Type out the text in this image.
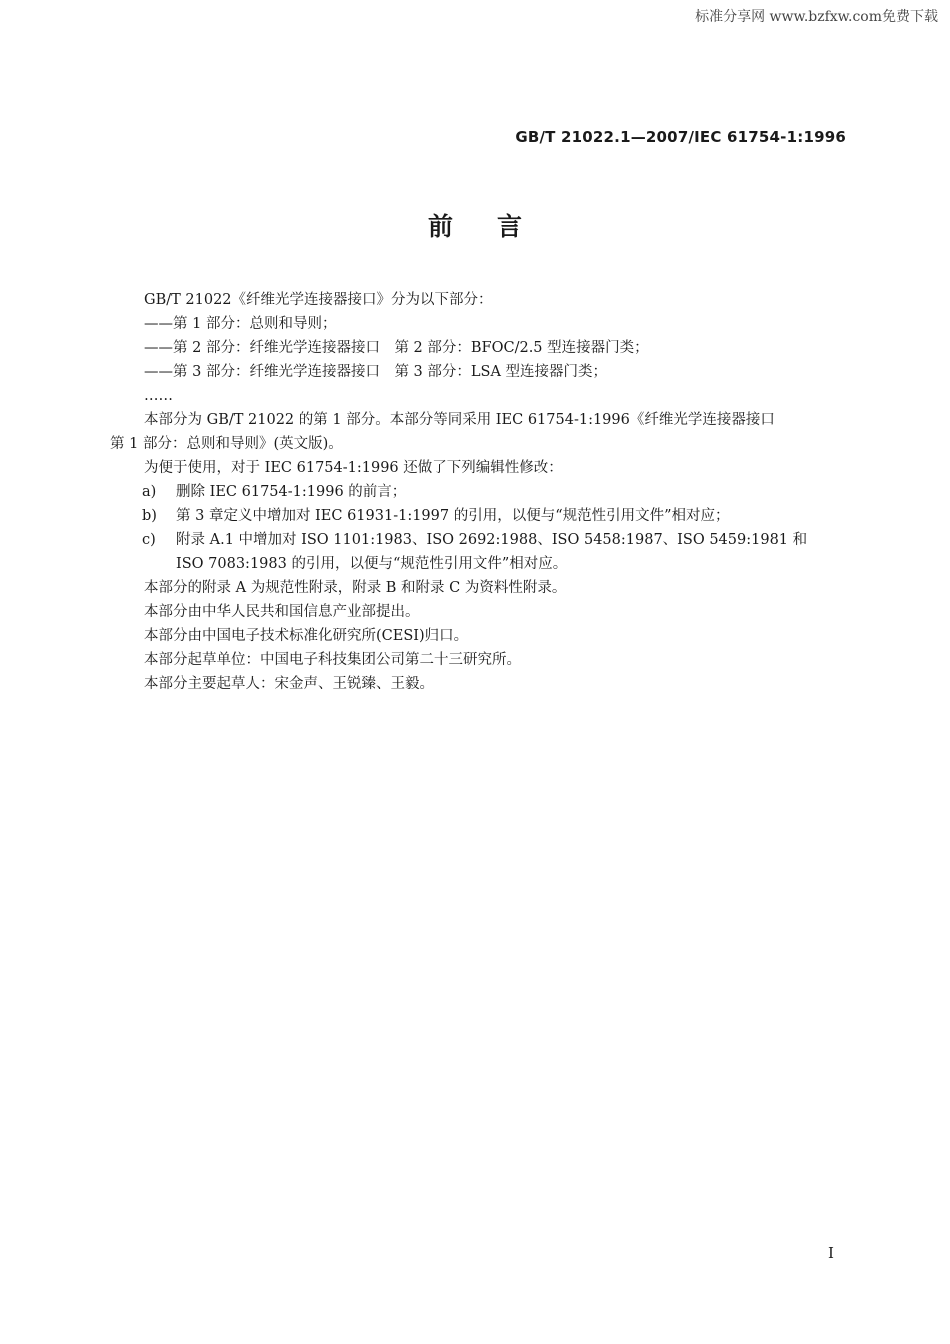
标准分享网 www.bzfxw.com免费下载
GB/T 21022.1—2007/IEC 61754-1:1996
前言
GB/T 21022《纤维光学连接器接口》分为以下部分：
——第 1 部分：总则和导则；
——第 2 部分：纤维光学连接器接口　第 2 部分：BFOC/2.5 型连接器门类；
——第 3 部分：纤维光学连接器接口　第 3 部分：LSA 型连接器门类；
……
本部分为 GB/T 21022 的第 1 部分。本部分等同采用 IEC 61754-1:1996《纤维光学连接器接口
第 1 部分：总则和导则》(英文版)。
为便于使用，对于 IEC 61754-1:1996 还做了下列编辑性修改：
a)	删除 IEC 61754-1:1996 的前言；
b)	第 3 章定义中增加对 IEC 61931-1:1997 的引用，以便与“规范性引用文件”相对应；
c)	附录 A.1 中增加对 ISO 1101:1983、ISO 2692:1988、ISO 5458:1987、ISO 5459:1981 和
ISO 7083:1983 的引用，以便与“规范性引用文件”相对应。
本部分的附录 A 为规范性附录，附录 B 和附录 C 为资料性附录。
本部分由中华人民共和国信息产业部提出。
本部分由中国电子技术标准化研究所(CESI)归口。
本部分起草单位：中国电子科技集团公司第二十三研究所。
本部分主要起草人：宋金声、王锐臻、王毅。
I
